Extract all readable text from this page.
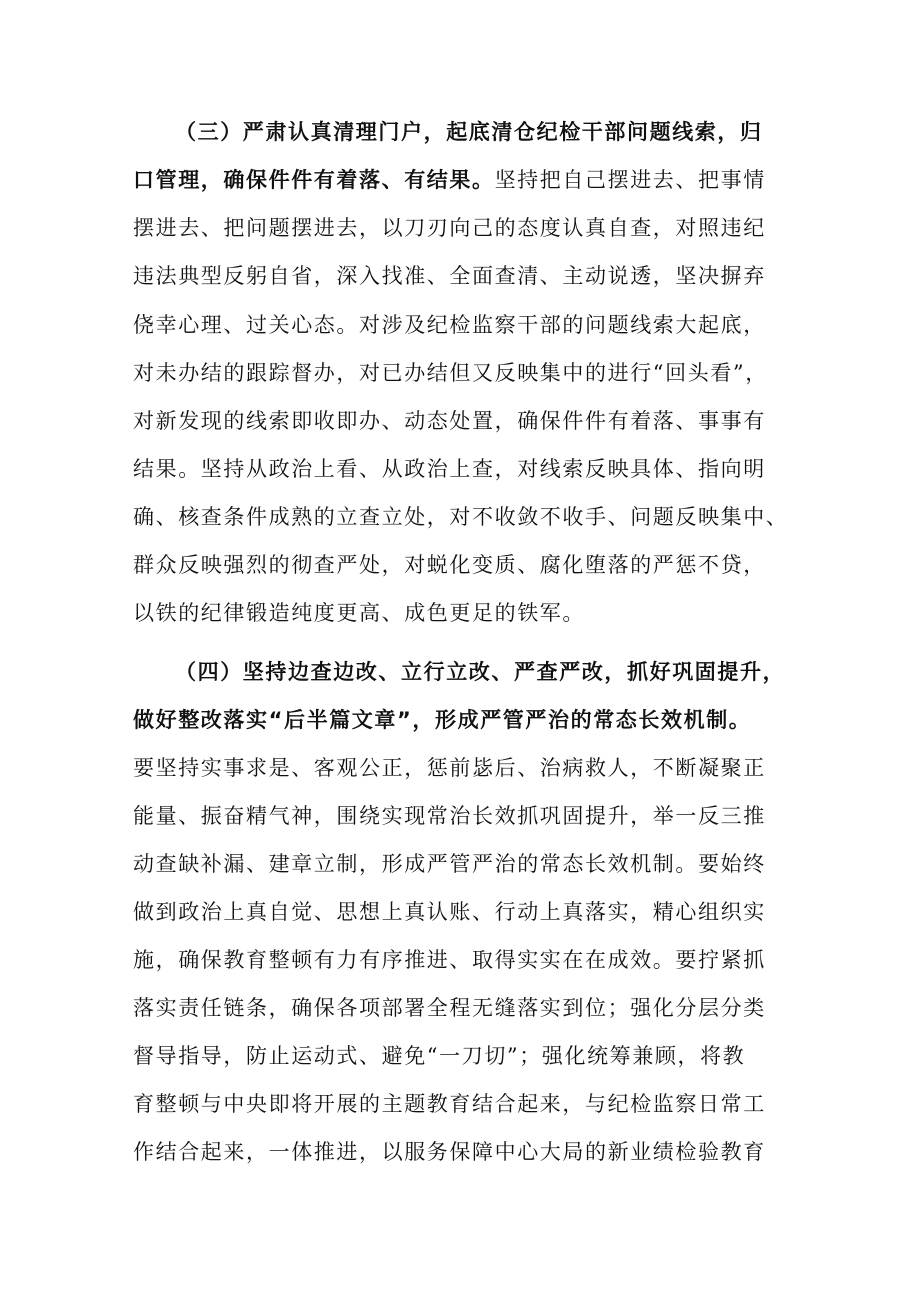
（三）严肃认真清理门户，起底清仓纪检干部问题线索，归
口管理，确保件件有着落、有结果。坚持把自己摆进去、把事情
摆进去、把问题摆进去，以刀刃向己的态度认真自查，对照违纪
违法典型反躬自省，深入找准、全面查清、主动说透，坚决摒弃
侥幸心理、过关心态。对涉及纪检监察干部的问题线索大起底，
对未办结的跟踪督办，对已办结但又反映集中的进行“回头看”，
对新发现的线索即收即办、动态处置，确保件件有着落、事事有
结果。坚持从政治上看、从政治上查，对线索反映具体、指向明
确、核查条件成熟的立查立处，对不收敛不收手、问题反映集中、
群众反映强烈的彻查严处，对蜕化变质、腐化堕落的严惩不贷，
以铁的纪律锻造纯度更高、成色更足的铁军。
（四）坚持边查边改、立行立改、严查严改，抓好巩固提升，
做好整改落实“后半篇文章”，形成严管严治的常态长效机制。
要坚持实事求是、客观公正，惩前毖后、治病救人，不断凝聚正
能量、振奋精气神，围绕实现常治长效抓巩固提升，举一反三推
动查缺补漏、建章立制，形成严管严治的常态长效机制。要始终
做到政治上真自觉、思想上真认账、行动上真落实，精心组织实
施，确保教育整顿有力有序推进、取得实实在在成效。要拧紧抓
落实责任链条，确保各项部署全程无缝落实到位；强化分层分类
督导指导，防止运动式、避免“一刀切”；强化统筹兼顾，将教
育整顿与中央即将开展的主题教育结合起来，与纪检监察日常工
作结合起来，一体推进，以服务保障中心大局的新业绩检验教育
